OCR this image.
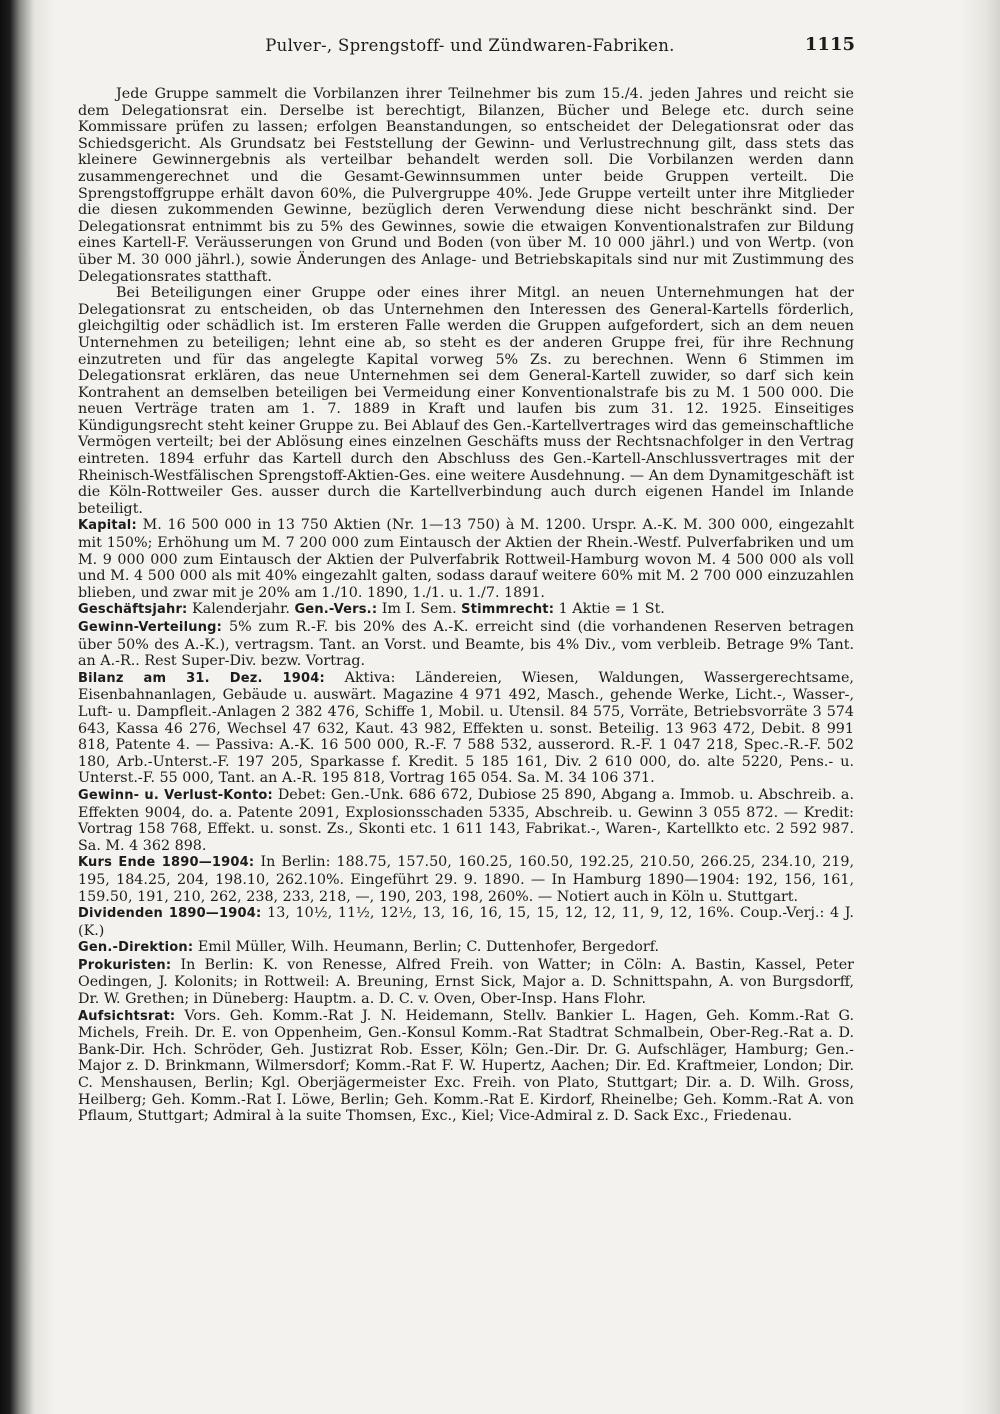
Pulver-, Sprengstoff- und Zündwaren-Fabriken.	1115

Jede Gruppe sammelt die Vorbilanzen ihrer Teilnehmer bis zum 15./4. jeden Jahres und reicht sie dem Delegationsrat ein. Derselbe ist berechtigt, Bilanzen, Bücher und Belege etc. durch seine Kommissare prüfen zu lassen; erfolgen Beanstandungen, so entscheidet der Delegationsrat oder das Schiedsgericht. Als Grundsatz bei Feststellung der Gewinn- und Verlustrechnung gilt, dass stets das kleinere Gewinnergebnis als verteilbar behandelt werden soll. Die Vorbilanzen werden dann zusammengerechnet und die Gesamt-Gewinnsummen unter beide Gruppen verteilt. Die Sprengstoffgruppe erhält davon 60%, die Pulvergruppe 40%. Jede Gruppe verteilt unter ihre Mitglieder die diesen zukommenden Gewinne, bezüglich deren Verwendung diese nicht beschränkt sind. Der Delegationsrat entnimmt bis zu 5% des Gewinnes, sowie die etwaigen Konventionalstrafen zur Bildung eines Kartell-F. Veräusserungen von Grund und Boden (von über M. 10 000 jährl.) und von Wertp. (von über M. 30 000 jährl.), sowie Änderungen des Anlage- und Betriebskapitals sind nur mit Zustimmung des Delegationsrates statthaft.

Bei Beteiligungen einer Gruppe oder eines ihrer Mitgl. an neuen Unternehmungen hat der Delegationsrat zu entscheiden, ob das Unternehmen den Interessen des General-Kartells förderlich, gleichgiltig oder schädlich ist. Im ersteren Falle werden die Gruppen aufgefordert, sich an dem neuen Unternehmen zu beteiligen; lehnt eine ab, so steht es der anderen Gruppe frei, für ihre Rechnung einzutreten und für das angelegte Kapital vorweg 5% Zs. zu berechnen. Wenn 6 Stimmen im Delegationsrat erklären, das neue Unternehmen sei dem General-Kartell zuwider, so darf sich kein Kontrahent an demselben beteiligen bei Vermeidung einer Konventionalstrafe bis zu M. 1 500 000. Die neuen Verträge traten am 1. 7. 1889 in Kraft und laufen bis zum 31. 12. 1925. Einseitiges Kündigungsrecht steht keiner Gruppe zu. Bei Ablauf des Gen.-Kartellvertrages wird das gemeinschaftliche Vermögen verteilt; bei der Ablösung eines einzelnen Geschäfts muss der Rechtsnachfolger in den Vertrag eintreten. 1894 erfuhr das Kartell durch den Abschluss des Gen.-Kartell-Anschlussvertrages mit der Rheinisch-Westfälischen Sprengstoff-Aktien-Ges. eine weitere Ausdehnung. — An dem Dynamitgeschäft ist die Köln-Rottweiler Ges. ausser durch die Kartellverbindung auch durch eigenen Handel im Inlande beteiligt.

Kapital: M. 16 500 000 in 13 750 Aktien (Nr. 1—13 750) à M. 1200. Urspr. A.-K. M. 300 000, eingezahlt mit 150%; Erhöhung um M. 7 200 000 zum Eintausch der Aktien der Rhein.-Westf. Pulverfabriken und um M. 9 000 000 zum Eintausch der Aktien der Pulverfabrik Rottweil-Hamburg wovon M. 4 500 000 als voll und M. 4 500 000 als mit 40% eingezahlt galten, sodass darauf weitere 60% mit M. 2 700 000 einzuzahlen blieben, und zwar mit je 20% am 1./10. 1890, 1./1. u. 1./7. 1891.

Geschäftsjahr: Kalenderjahr. Gen.-Vers.: Im I. Sem. Stimmrecht: 1 Aktie = 1 St.

Gewinn-Verteilung: 5% zum R.-F. bis 20% des A.-K. erreicht sind (die vorhandenen Reserven betragen über 50% des A.-K.), vertragsm. Tant. an Vorst. und Beamte, bis 4% Div., vom verbleib. Betrage 9% Tant. an A.-R.. Rest Super-Div. bezw. Vortrag.

Bilanz am 31. Dez. 1904: Aktiva: Ländereien, Wiesen, Waldungen, Wassergerechtsame, Eisenbahnanlagen, Gebäude u. auswärt. Magazine 4 971 492, Masch., gehende Werke, Licht.-, Wasser-, Luft- u. Dampfleit.-Anlagen 2 382 476, Schiffe 1, Mobil. u. Utensil. 84 575, Vorräte, Betriebsvorräte 3 574 643, Kassa 46 276, Wechsel 47 632, Kaut. 43 982, Effekten u. sonst. Beteilig. 13 963 472, Debit. 8 991 818, Patente 4. — Passiva: A.-K. 16 500 000, R.-F. 7 588 532, ausserord. R.-F. 1 047 218, Spec.-R.-F. 502 180, Arb.-Unterst.-F. 197 205, Sparkasse f. Kredit. 5 185 161, Div. 2 610 000, do. alte 5220, Pens.- u. Unterst.-F. 55 000, Tant. an A.-R. 195 818, Vortrag 165 054. Sa. M. 34 106 371.

Gewinn- u. Verlust-Konto: Debet: Gen.-Unk. 686 672, Dubiose 25 890, Abgang a. Immob. u. Abschreib. a. Effekten 9004, do. a. Patente 2091, Explosionsschaden 5335, Abschreib. u. Gewinn 3 055 872. — Kredit: Vortrag 158 768, Effekt. u. sonst. Zs., Skonti etc. 1 611 143, Fabrikat.-, Waren-, Kartellkto etc. 2 592 987. Sa. M. 4 362 898.

Kurs Ende 1890—1904: In Berlin: 188.75, 157.50, 160.25, 160.50, 192.25, 210.50, 266.25, 234.10, 219, 195, 184.25, 204, 198.10, 262.10%. Eingeführt 29. 9. 1890. — In Hamburg 1890—1904: 192, 156, 161, 159.50, 191, 210, 262, 238, 233, 218, —, 190, 203, 198, 260%. — Notiert auch in Köln u. Stuttgart.

Dividenden 1890—1904: 13, 10½, 11½, 12½, 13, 16, 16, 15, 15, 12, 12, 11, 9, 12, 16%. Coup.-Verj.: 4 J. (K.)

Gen.-Direktion: Emil Müller, Wilh. Heumann, Berlin; C. Duttenhofer, Bergedorf.

Prokuristen: In Berlin: K. von Renesse, Alfred Freih. von Watter; in Cöln: A. Bastin, Kassel, Peter Oedingen, J. Kolonits; in Rottweil: A. Breuning, Ernst Sick, Major a. D. Schnittspahn, A. von Burgsdorff, Dr. W. Grethen; in Düneberg: Hauptm. a. D. C. v. Oven, Ober-Insp. Hans Flohr.

Aufsichtsrat: Vors. Geh. Komm.-Rat J. N. Heidemann, Stellv. Bankier L. Hagen, Geh. Komm.-Rat G. Michels, Freih. Dr. E. von Oppenheim, Gen.-Konsul Komm.-Rat Stadtrat Schmalbein, Ober-Reg.-Rat a. D. Bank-Dir. Hch. Schröder, Geh. Justizrat Rob. Esser, Köln; Gen.-Dir. Dr. G. Aufschläger, Hamburg; Gen.-Major z. D. Brinkmann, Wilmersdorf; Komm.-Rat F. W. Hupertz, Aachen; Dir. Ed. Kraftmeier, London; Dir. C. Menshausen, Berlin; Kgl. Oberjägermeister Exc. Freih. von Plato, Stuttgart; Dir. a. D. Wilh. Gross, Heilberg; Geh. Komm.-Rat I. Löwe, Berlin; Geh. Komm.-Rat E. Kirdorf, Rheinelbe; Geh. Komm.-Rat A. von Pflaum, Stuttgart; Admiral à la suite Thomsen, Exc., Kiel; Vice-Admiral z. D. Sack Exc., Friedenau.
